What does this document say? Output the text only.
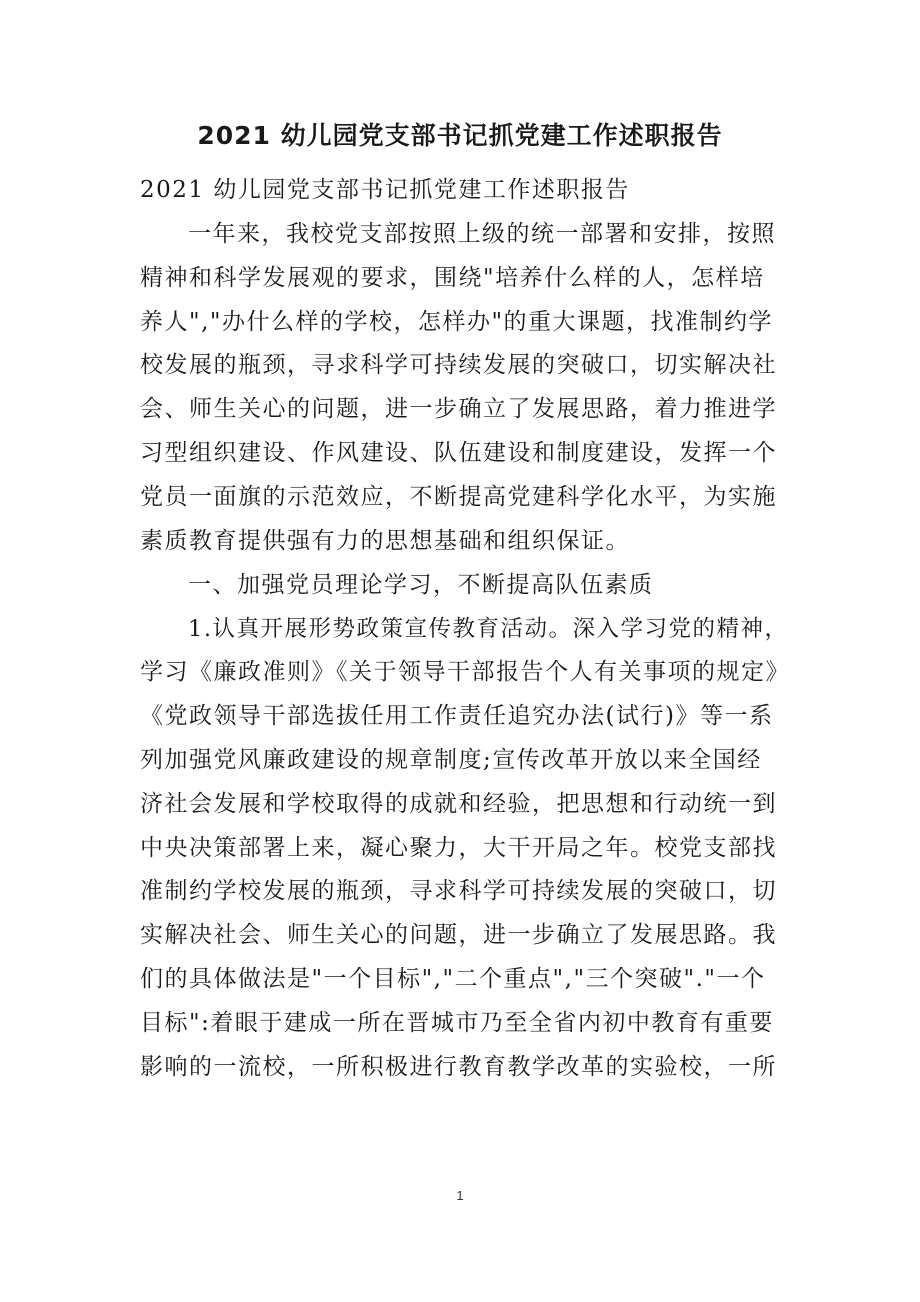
2021 幼儿园党支部书记抓党建工作述职报告
2021 幼儿园党支部书记抓党建工作述职报告
一年来，我校党支部按照上级的统一部署和安排，按照
精神和科学发展观的要求，围绕"培养什么样的人，怎样培
养人","办什么样的学校，怎样办"的重大课题，找准制约学
校发展的瓶颈，寻求科学可持续发展的突破口，切实解决社
会、师生关心的问题，进一步确立了发展思路，着力推进学
习型组织建设、作风建设、队伍建设和制度建设，发挥一个
党员一面旗的示范效应，不断提高党建科学化水平，为实施
素质教育提供强有力的思想基础和组织保证。
一、加强党员理论学习，不断提高队伍素质
1.认真开展形势政策宣传教育活动。深入学习党的精神，
学习《廉政准则》《关于领导干部报告个人有关事项的规定》
《党政领导干部选拔任用工作责任追究办法(试行)》等一系
列加强党风廉政建设的规章制度;宣传改革开放以来全国经
济社会发展和学校取得的成就和经验，把思想和行动统一到
中央决策部署上来，凝心聚力，大干开局之年。校党支部找
准制约学校发展的瓶颈，寻求科学可持续发展的突破口，切
实解决社会、师生关心的问题，进一步确立了发展思路。我
们的具体做法是"一个目标","二个重点","三个突破"."一个
目标":着眼于建成一所在晋城市乃至全省内初中教育有重要
影响的一流校，一所积极进行教育教学改革的实验校，一所
1
